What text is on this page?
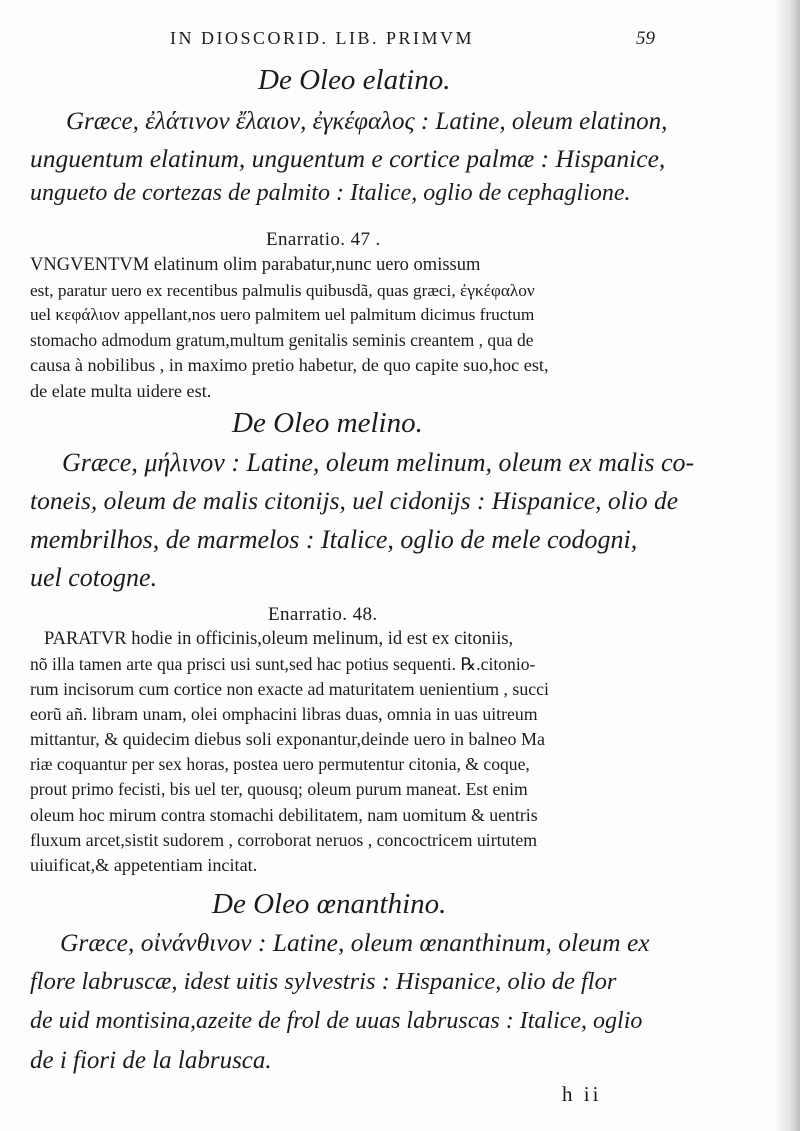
IN DIOSCORID. LIB. PRIMVM	59
De Oleo elatino.
Græce, ἐλάτινον ἔλαιον, ἐγκέφαλος : Latine, oleum elatinon,
unguentum elatinum, unguentum e cortice palmæ : Hispanice,
ungueto de cortezas de palmito : Italice, oglio de cephaglione.
Enarratio. 47 .
VNGVENTVM elatinum olim parabatur,nunc uero omissum
est, paratur uero ex recentibus palmulis quibusdã, quas græci, ἐγκέφαλον
uel κεφάλιον appellant,nos uero palmitem uel palmitum dicimus fructum
stomacho admodum gratum,multum genitalis seminis creantem , qua de
causa à nobilibus , in maximo pretio habetur, de quo capite suo,hoc est,
de elate multa uidere est.
De Oleo melino.
Græce, μήλινον : Latine, oleum melinum, oleum ex malis co-
toneis, oleum de malis citonijs, uel cidonijs : Hispanice, olio de
membrilhos, de marmelos : Italice, oglio de mele codogni,
uel cotogne.
Enarratio. 48.
PARATVR hodie in officinis,oleum melinum, id est ex citoniis,
nõ illa tamen arte qua prisci usi sunt,sed hac potius sequenti. ℞.citonio-
rum incisorum cum cortice non exacte ad maturitatem uenientium , succi
eorũ añ. libram unam, olei omphacini libras duas, omnia in uas uitreum
mittantur, & quidecim diebus soli exponantur,deinde uero in balneo Ma
riæ coquantur per sex horas, postea uero permutentur citonia, & coque,
prout primo fecisti, bis uel ter, quousq; oleum purum maneat. Est enim
oleum hoc mirum contra stomachi debilitatem, nam uomitum & uentris
fluxum arcet,sistit sudorem , corroborat neruos , concoctricem uirtutem
uiuificat,& appetentiam incitat.
De Oleo œnanthino.
Græce, οἰνάνθινον : Latine, oleum œnanthinum, oleum ex
flore labruscæ, idest uitis sylvestris : Hispanice, olio de flor
de uid montisina,azeite de frol de uuas labruscas : Italice, oglio
de i fiori de la labrusca.
h ii
